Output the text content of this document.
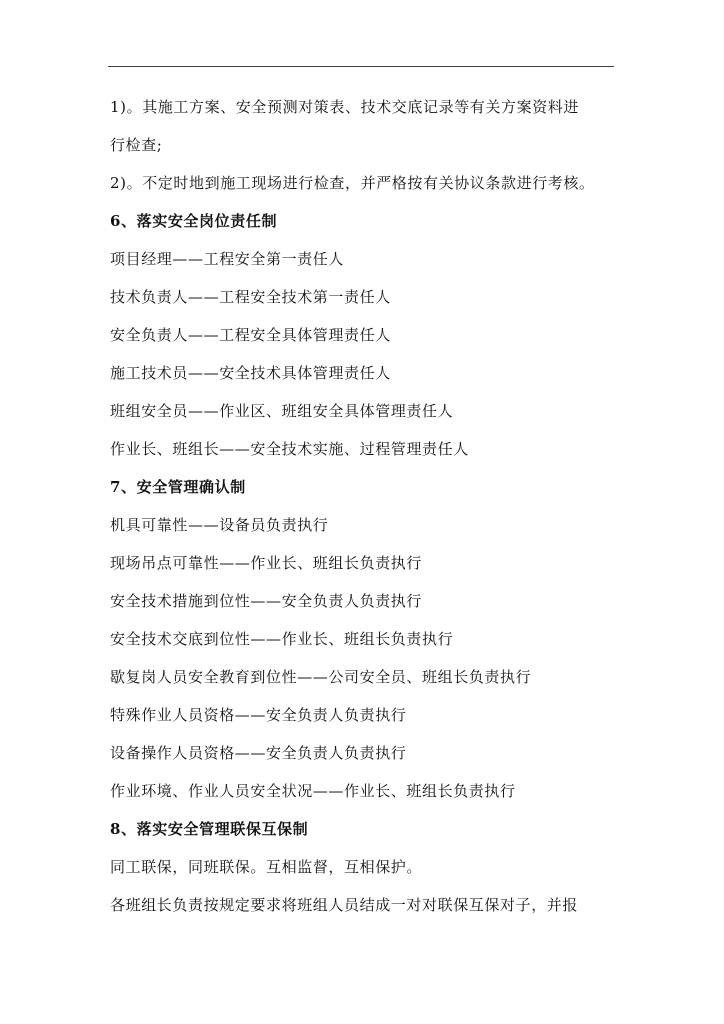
1)。其施工方案、安全预测对策表、技术交底记录等有关方案资料进
行检查;
2)。不定时地到施工现场进行检查，并严格按有关协议条款进行考核。
6、落实安全岗位责任制
项目经理——工程安全第一责任人
技术负责人——工程安全技术第一责任人
安全负责人——工程安全具体管理责任人
施工技术员——安全技术具体管理责任人
班组安全员——作业区、班组安全具体管理责任人
作业长、班组长——安全技术实施、过程管理责任人
7、安全管理确认制
机具可靠性——设备员负责执行
现场吊点可靠性——作业长、班组长负责执行
安全技术措施到位性——安全负责人负责执行
安全技术交底到位性——作业长、班组长负责执行
歇复岗人员安全教育到位性——公司安全员、班组长负责执行
特殊作业人员资格——安全负责人负责执行
设备操作人员资格——安全负责人负责执行
作业环境、作业人员安全状况——作业长、班组长负责执行
8、落实安全管理联保互保制
同工联保，同班联保。互相监督，互相保护。
各班组长负责按规定要求将班组人员结成一对对联保互保对子，并报
